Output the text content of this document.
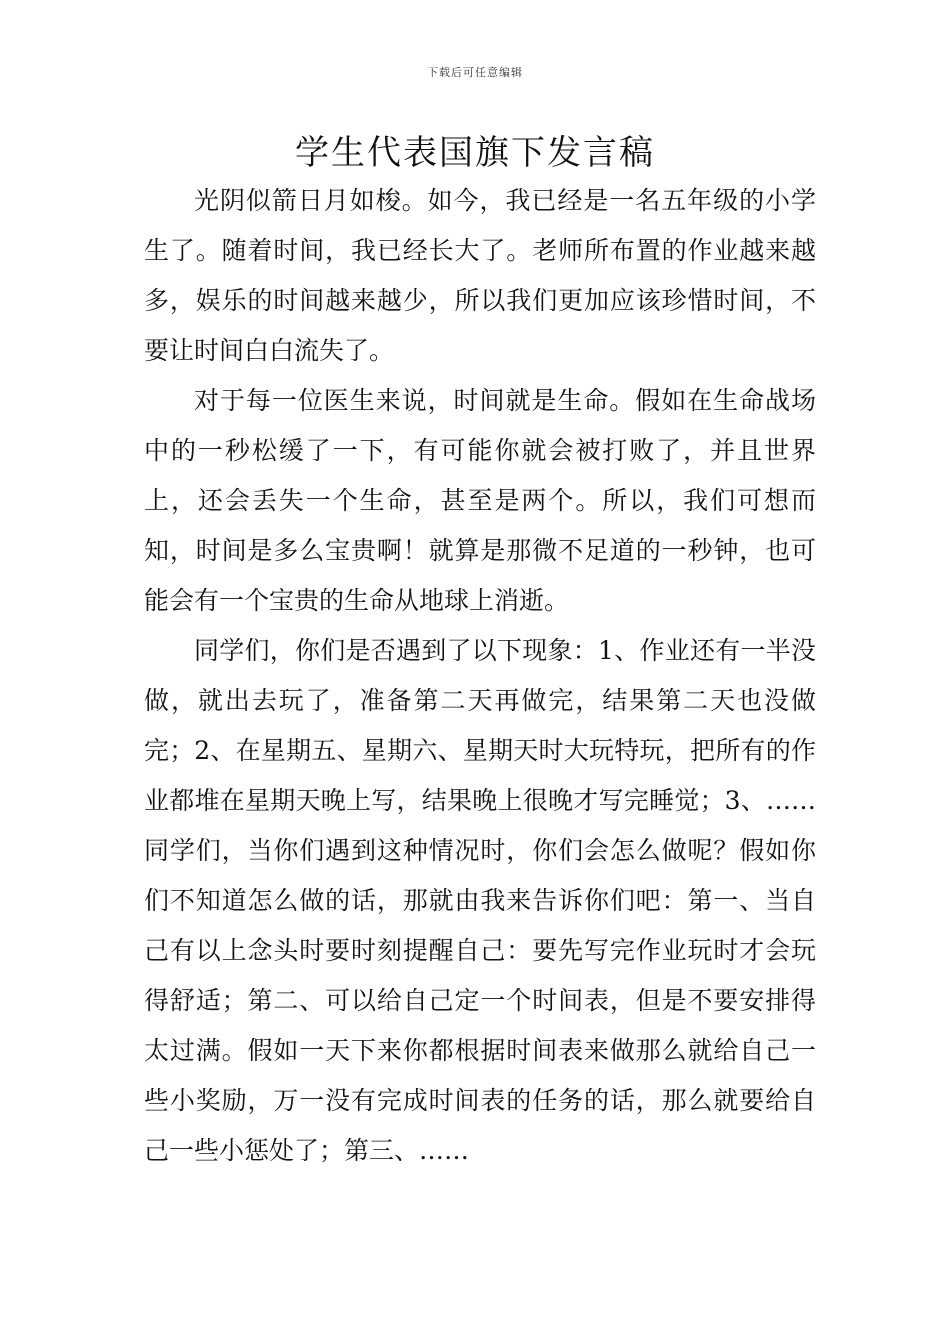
下载后可任意编辑
学生代表国旗下发言稿

光阴似箭日月如梭。如今，我已经是一名五年级的小学生了。随着时间，我已经长大了。老师所布置的作业越来越多，娱乐的时间越来越少，所以我们更加应该珍惜时间，不要让时间白白流失了。

对于每一位医生来说，时间就是生命。假如在生命战场中的一秒松缓了一下，有可能你就会被打败了，并且世界上，还会丢失一个生命，甚至是两个。所以，我们可想而知，时间是多么宝贵啊！就算是那微不足道的一秒钟，也可能会有一个宝贵的生命从地球上消逝。

同学们，你们是否遇到了以下现象：1、作业还有一半没做，就出去玩了，准备第二天再做完，结果第二天也没做完；2、在星期五、星期六、星期天时大玩特玩，把所有的作业都堆在星期天晚上写，结果晚上很晚才写完睡觉；3、……同学们，当你们遇到这种情况时，你们会怎么做呢？假如你们不知道怎么做的话，那就由我来告诉你们吧：第一、当自己有以上念头时要时刻提醒自己：要先写完作业玩时才会玩得舒适；第二、可以给自己定一个时间表，但是不要安排得太过满。假如一天下来你都根据时间表来做那么就给自己一些小奖励，万一没有完成时间表的任务的话，那么就要给自己一些小惩处了；第三、……
